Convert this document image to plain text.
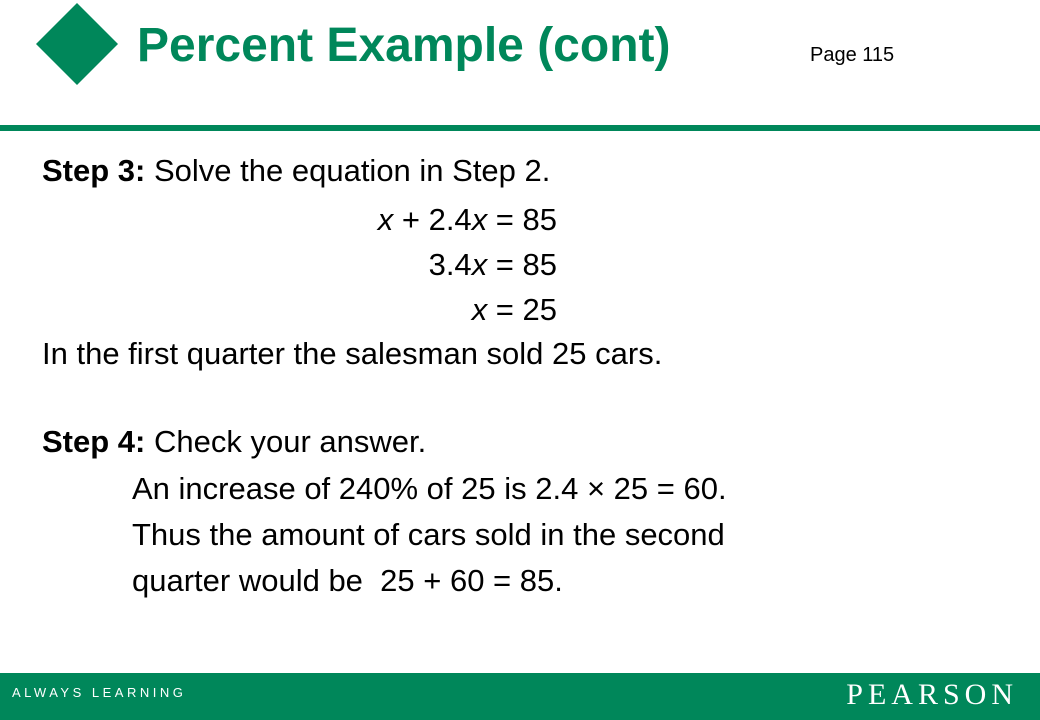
Percent Example (cont)	Page 115
Step 3: Solve the equation in Step 2.
x + 2.4x = 85
3.4x = 85
x = 25
In the first quarter the salesman sold 25 cars.
Step 4: Check your answer.
An increase of 240% of 25 is 2.4 × 25 = 60.
Thus the amount of cars sold in the second
quarter would be  25 + 60 = 85.
ALWAYS LEARNING	PEARSON
